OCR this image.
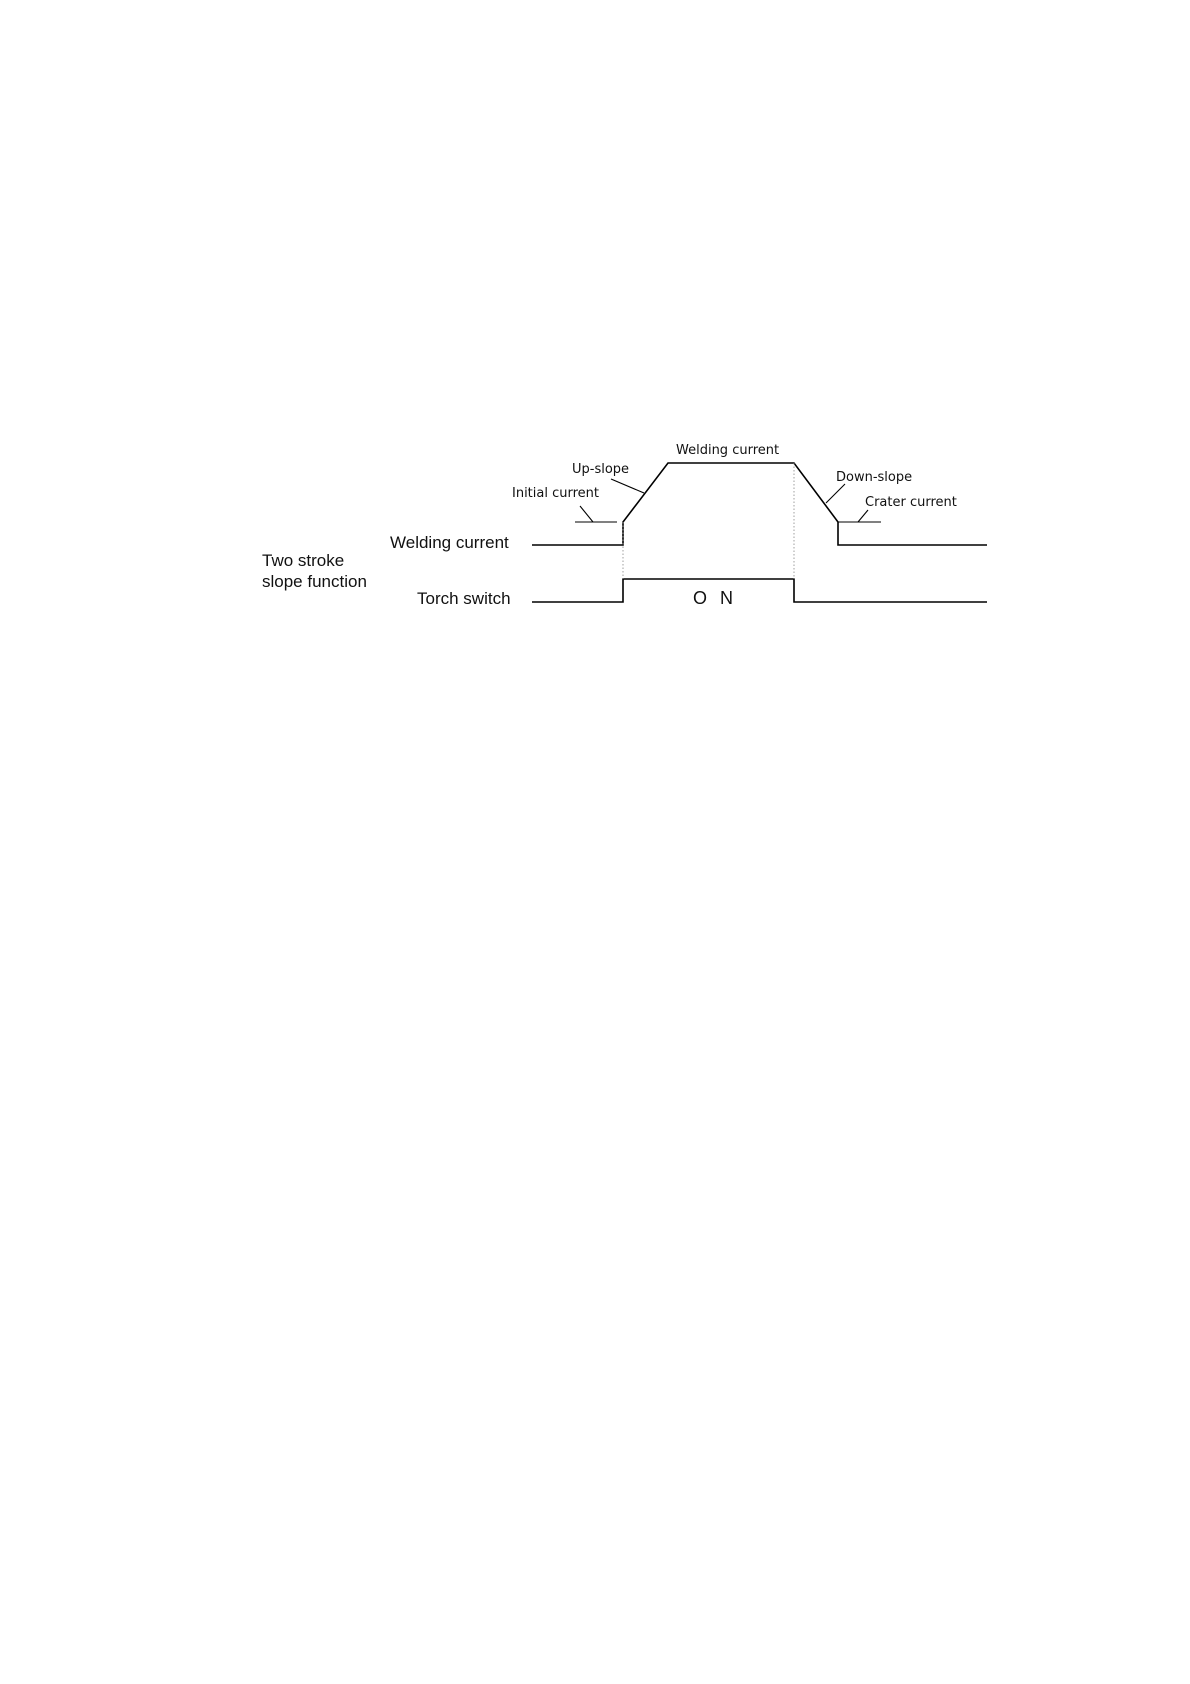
Two stroke
slope function
Welding current
Torch switch
Initial current
Up-slope
Welding current
Down-slope
Crater current
O N
